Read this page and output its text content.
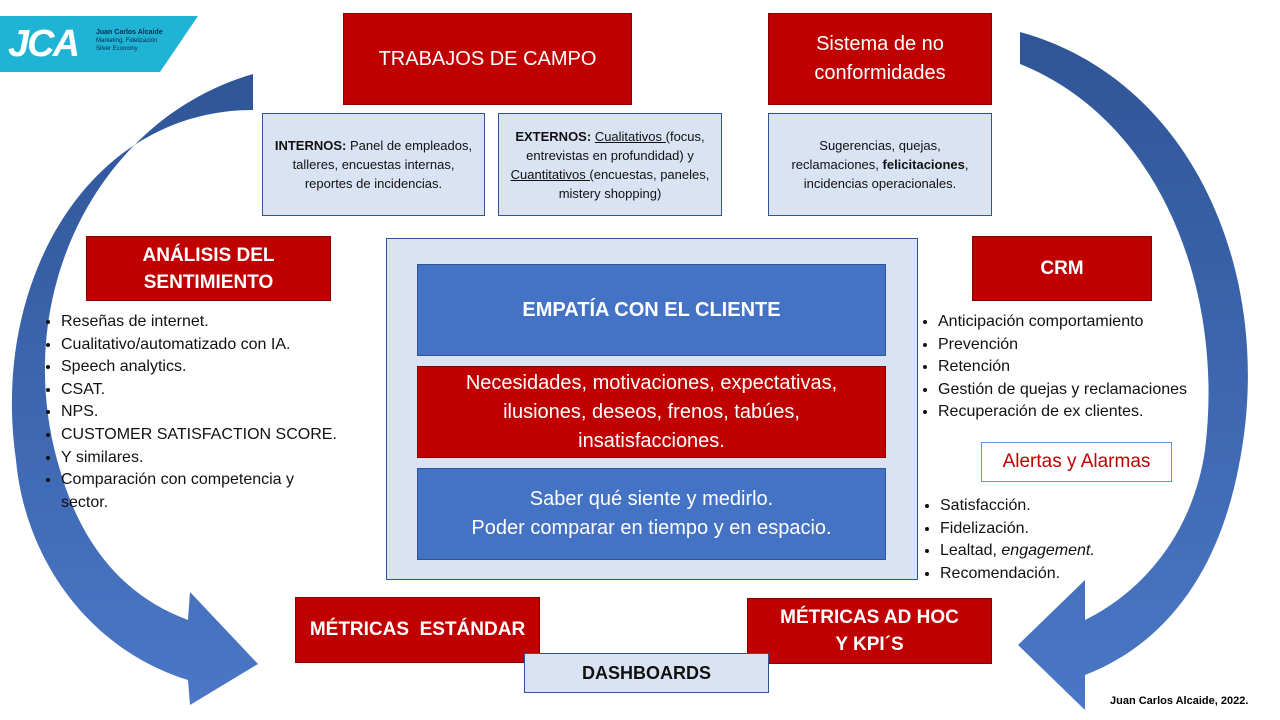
JCA	Juan Carlos Alcaide
Marketing, Fidelización
Silver Economy	TRABAJOS DE CAMPO
Sistema de no conformidades
INTERNOS: Panel de empleados, talleres, encuestas internas, reportes de incidencias.
EXTERNOS: Cualitativos (focus, entrevistas en profundidad) y Cuantitativos (encuestas, paneles, mistery shopping)
Sugerencias, quejas, reclamaciones, felicitaciones, incidencias operacionales.
ANÁLISIS DEL SENTIMIENTO
• Reseñas de internet.
• Cualitativo/automatizado con IA.
• Speech analytics.
• CSAT.
• NPS.
• CUSTOMER SATISFACTION SCORE.
• Y similares.
• Comparación con competencia y sector.
EMPATÍA CON EL CLIENTE
Necesidades, motivaciones, expectativas, ilusiones, deseos, frenos, tabúes, insatisfacciones.
Saber qué siente y medirlo.
Poder comparar en tiempo y en espacio.
CRM
• Anticipación comportamiento
• Prevención
• Retención
• Gestión de quejas y reclamaciones
• Recuperación de ex clientes.
Alertas y Alarmas
• Satisfacción.
• Fidelización.
• Lealtad, engagement.
• Recomendación.
MÉTRICAS  ESTÁNDAR
MÉTRICAS AD HOC
Y KPI´S
DASHBOARDS
Juan Carlos Alcaide, 2022.
